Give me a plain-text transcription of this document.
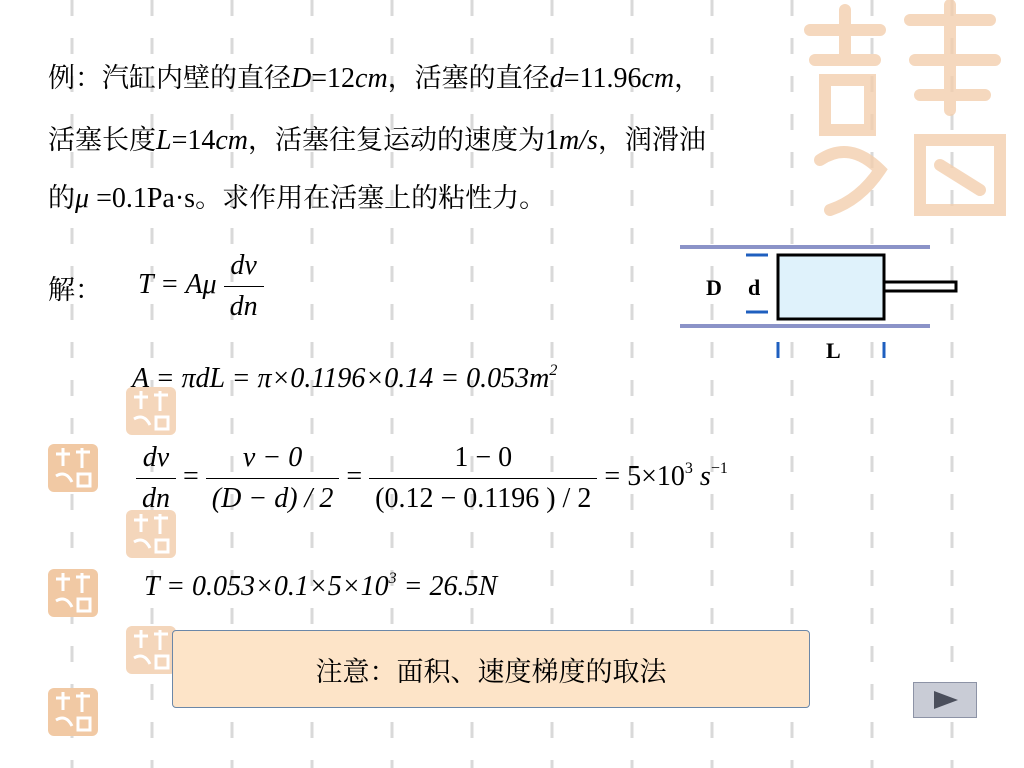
例：汽缸内壁的直径D=12cm，活塞的直径d=11.96cm，
活塞长度L=14cm，活塞往复运动的速度为1m/s，润滑油
的μ =0.1Pa·s。求作用在活塞上的粘性力。
解： T = Aμ $\frac{dv}{dn}$
$A = \pi dL = \pi\times 0.1196\times 0.14 = 0.053m^2$
$\frac{dv}{dn} = \frac{v - 0}{(D - d) / 2} = \frac{1 - 0}{(0.12 - 0.1196 ) / 2} = 5\times 10^3$ $s^{-1}$
$T = 0.053\times 0.1\times 5\times 10^3 = 26.5N$
D d
L
注意：面积、速度梯度的取法
